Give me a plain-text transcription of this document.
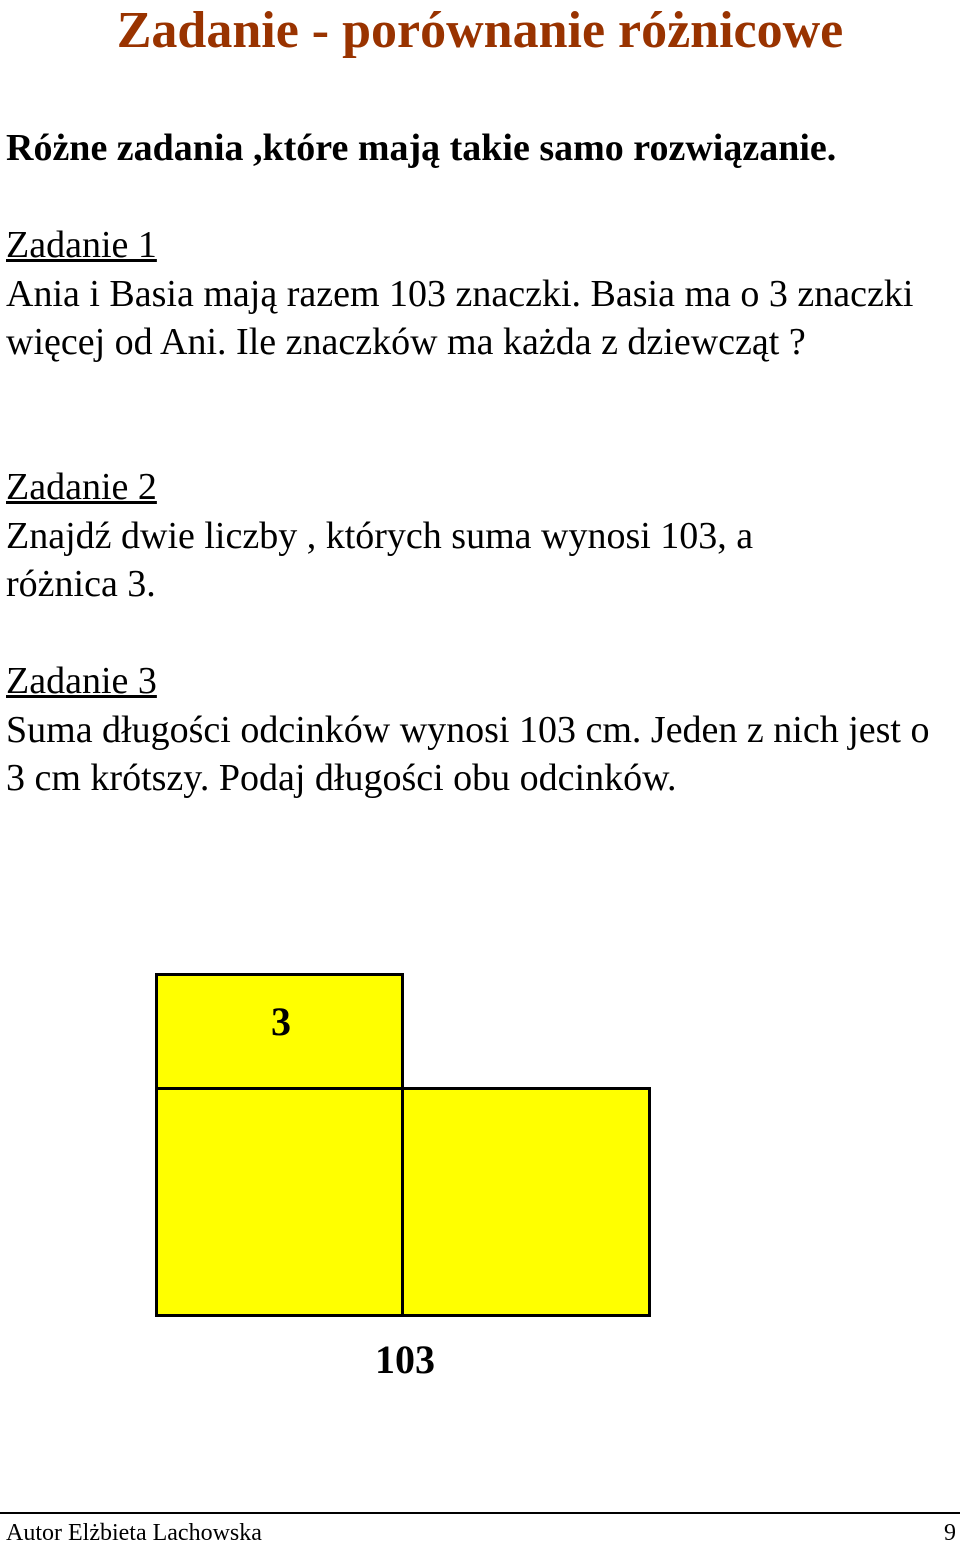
Zadanie - porównanie różnicowe

Różne zadania ,które mają takie samo rozwiązanie.

Zadanie 1
Ania i Basia mają razem 103 znaczki. Basia ma o 3 znaczki więcej od Ani. Ile znaczków ma każda z dziewcząt ?
Zadanie 2
Znajdź dwie liczby , których suma wynosi 103, a różnica 3.
Zadanie 3
Suma długości odcinków wynosi 103 cm. Jeden z nich jest o 3 cm krótszy. Podaj długości obu odcinków.
3
103
Autor Elżbieta Lachowska	9
